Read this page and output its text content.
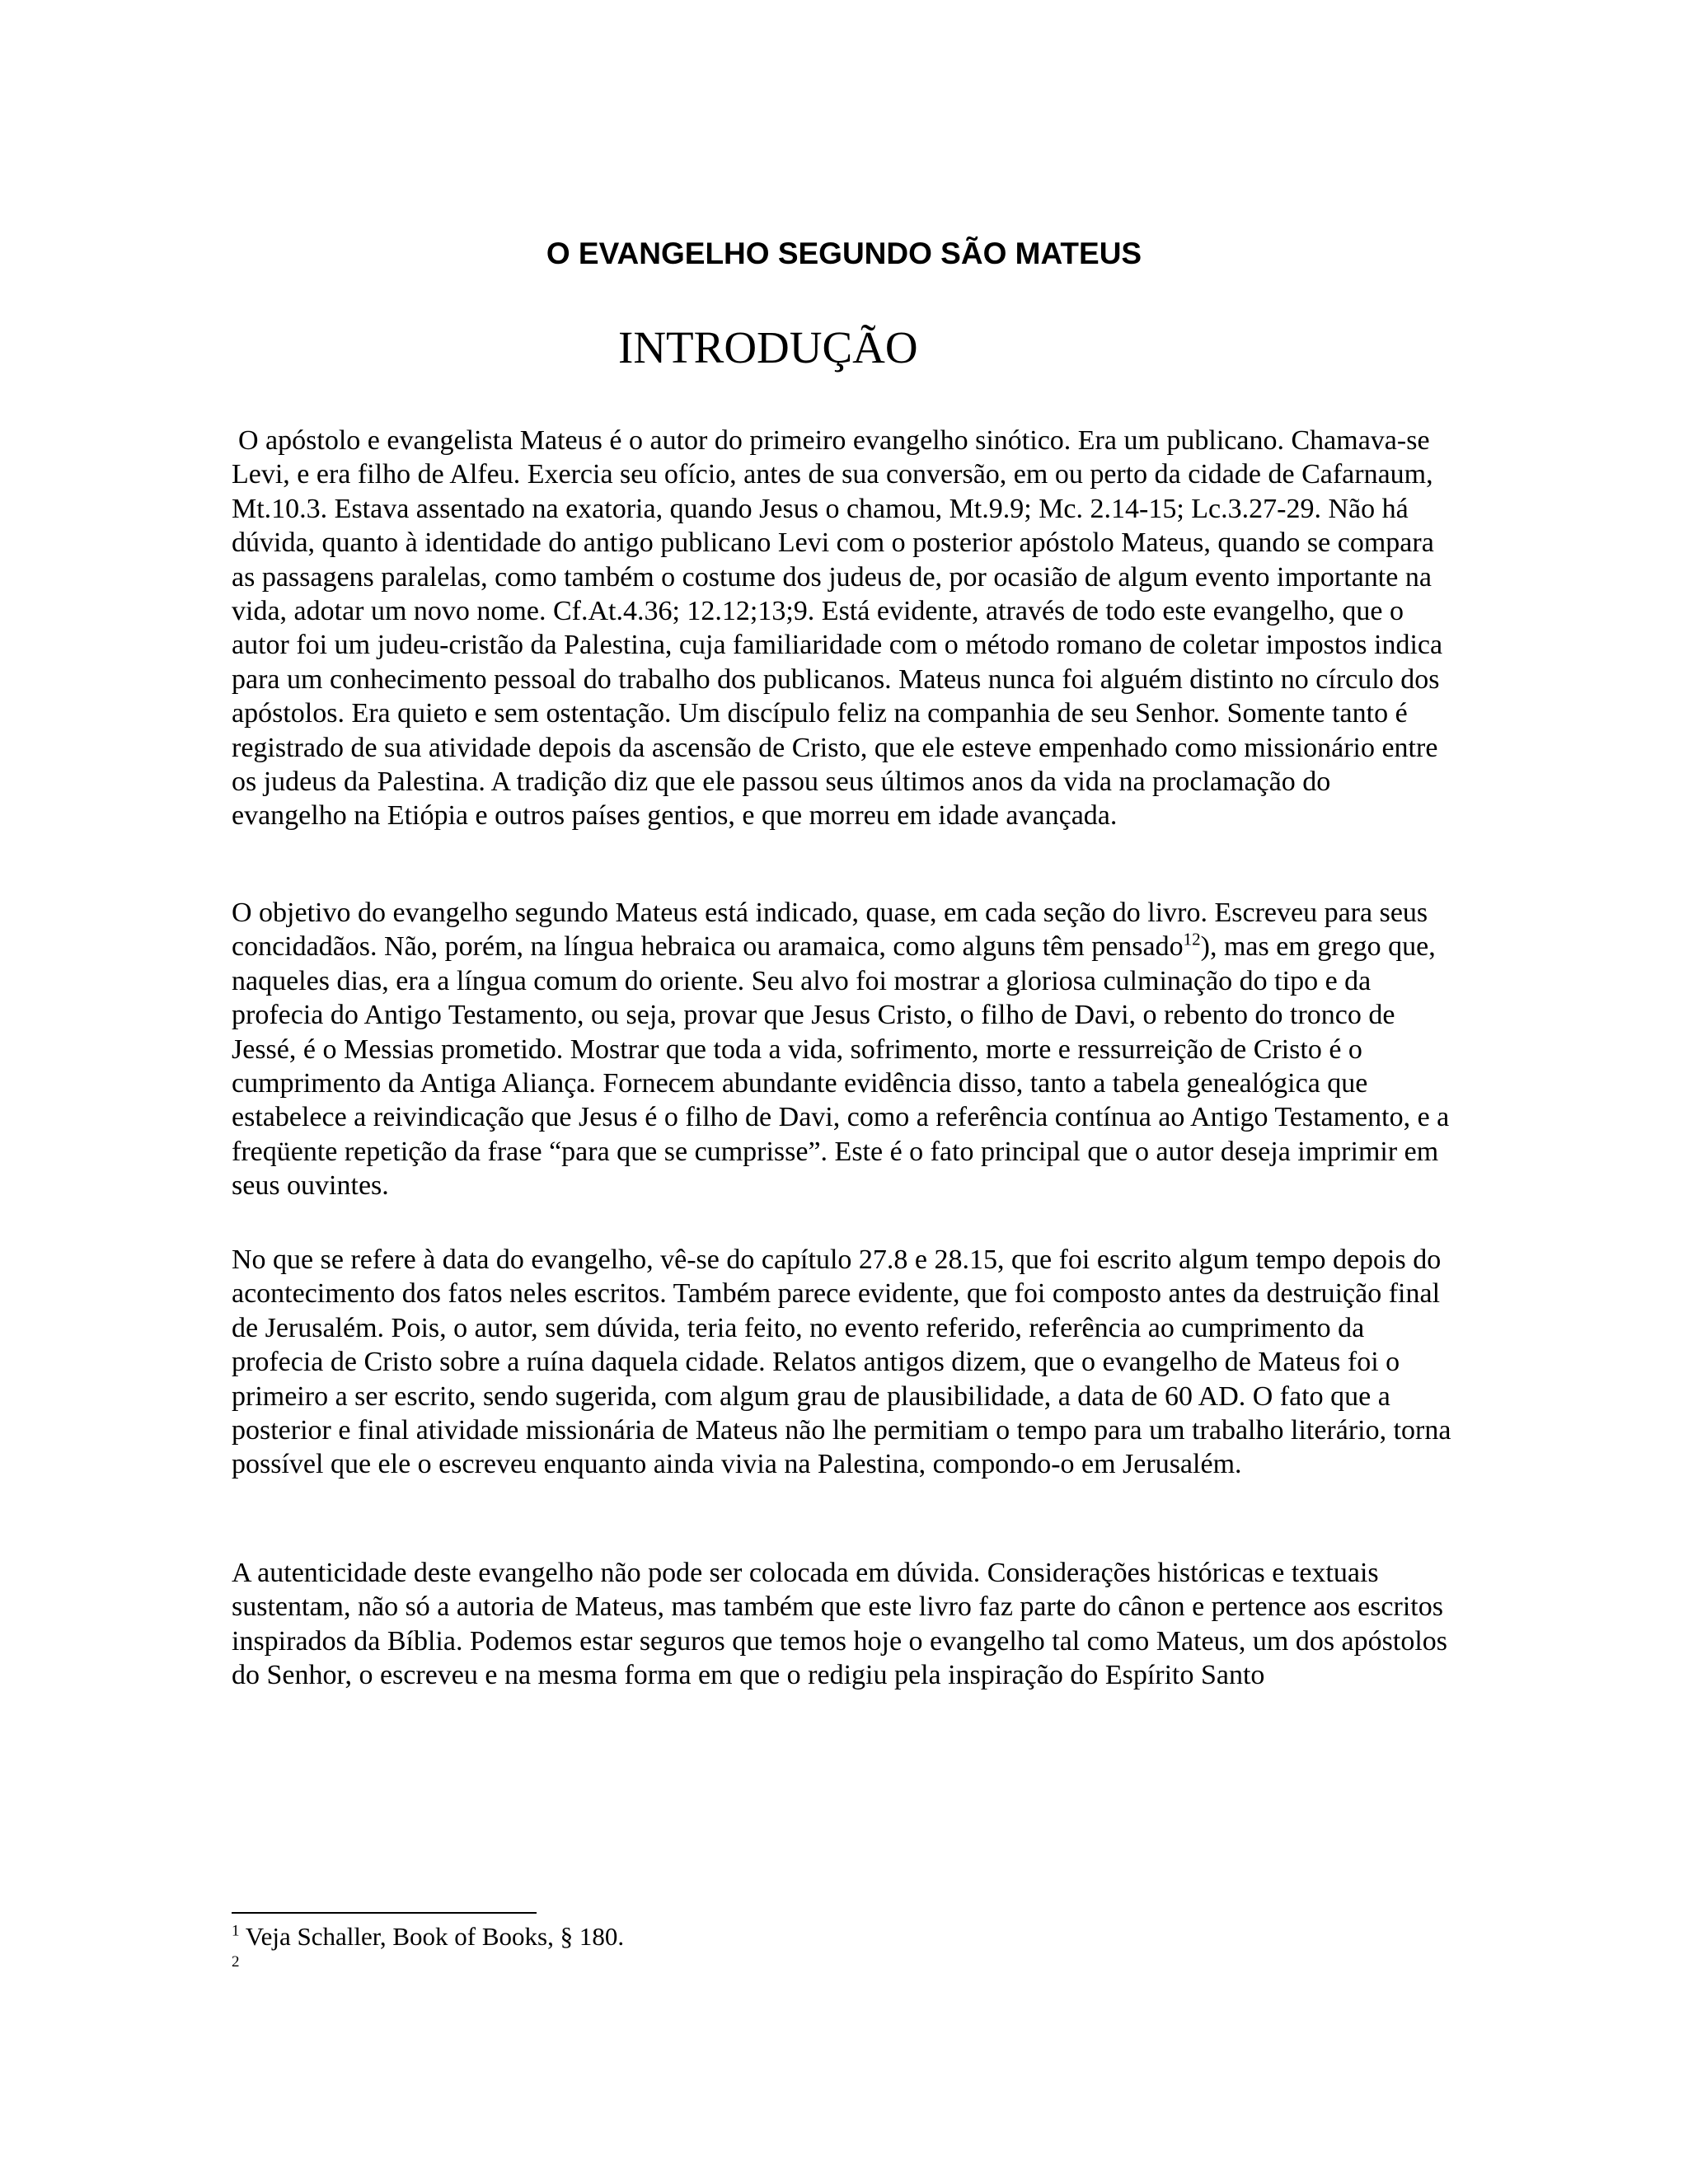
O EVANGELHO SEGUNDO SÃO MATEUS
INTRODUÇÃO

O apóstolo e evangelista Mateus é o autor do primeiro evangelho sinótico. Era um publicano. Chamava-se Levi, e era filho de Alfeu. Exercia seu ofício, antes de sua conversão, em ou perto da cidade de Cafarnaum, Mt.10.3. Estava assentado na exatoria, quando Jesus o chamou, Mt.9.9; Mc. 2.14-15; Lc.3.27-29. Não há dúvida, quanto à identidade do antigo publicano Levi com o posterior apóstolo Mateus, quando se compara as passagens paralelas, como também o costume dos judeus de, por ocasião de algum evento importante na vida, adotar um novo nome. Cf.At.4.36; 12.12;13;9. Está evidente, através de todo este evangelho, que o autor foi um judeu-cristão da Palestina, cuja familiaridade com o método romano de coletar impostos indica para um conhecimento pessoal do trabalho dos publicanos. Mateus nunca foi alguém distinto no círculo dos apóstolos. Era quieto e sem ostentação. Um discípulo feliz na companhia de seu Senhor. Somente tanto é registrado de sua atividade depois da ascensão de Cristo, que ele esteve empenhado como missionário entre os judeus da Palestina. A tradição diz que ele passou seus últimos anos da vida na proclamação do evangelho na Etiópia e outros países gentios, e que morreu em idade avançada.

O objetivo do evangelho segundo Mateus está indicado, quase, em cada seção do livro. Escreveu para seus concidadãos. Não, porém, na língua hebraica ou aramaica, como alguns têm pensado$^{12}$), mas em grego que, naqueles dias, era a língua comum do oriente. Seu alvo foi mostrar a gloriosa culminação do tipo e da profecia do Antigo Testamento, ou seja, provar que Jesus Cristo, o filho de Davi, o rebento do tronco de Jessé, é o Messias prometido. Mostrar que toda a vida, sofrimento, morte e ressurreição de Cristo é o cumprimento da Antiga Aliança. Fornecem abundante evidência disso, tanto a tabela genealógica que estabelece a reivindicação que Jesus é o filho de Davi, como a referência contínua ao Antigo Testamento, e a freqüente repetição da frase “para que se cumprisse”. Este é o fato principal que o autor deseja imprimir em seus ouvintes.

No que se refere à data do evangelho, vê-se do capítulo 27.8 e 28.15, que foi escrito algum tempo depois do acontecimento dos fatos neles escritos. Também parece evidente, que foi composto antes da destruição final de Jerusalém. Pois, o autor, sem dúvida, teria feito, no evento referido, referência ao cumprimento da profecia de Cristo sobre a ruína daquela cidade. Relatos antigos dizem, que o evangelho de Mateus foi o primeiro a ser escrito, sendo sugerida, com algum grau de plausibilidade, a data de 60 AD. O fato que a posterior e final atividade missionária de Mateus não lhe permitiam o tempo para um trabalho literário, torna possível que ele o escreveu enquanto ainda vivia na Palestina, compondo-o em Jerusalém.

A autenticidade deste evangelho não pode ser colocada em dúvida. Considerações históricas e textuais sustentam, não só a autoria de Mateus, mas também que este livro faz parte do cânon e pertence aos escritos inspirados da Bíblia. Podemos estar seguros que temos hoje o evangelho tal como Mateus, um dos apóstolos do Senhor, o escreveu e na mesma forma em que o redigiu pela inspiração do Espírito Santo

$^1$ Veja Schaller, Book of Books, § 180.
2
